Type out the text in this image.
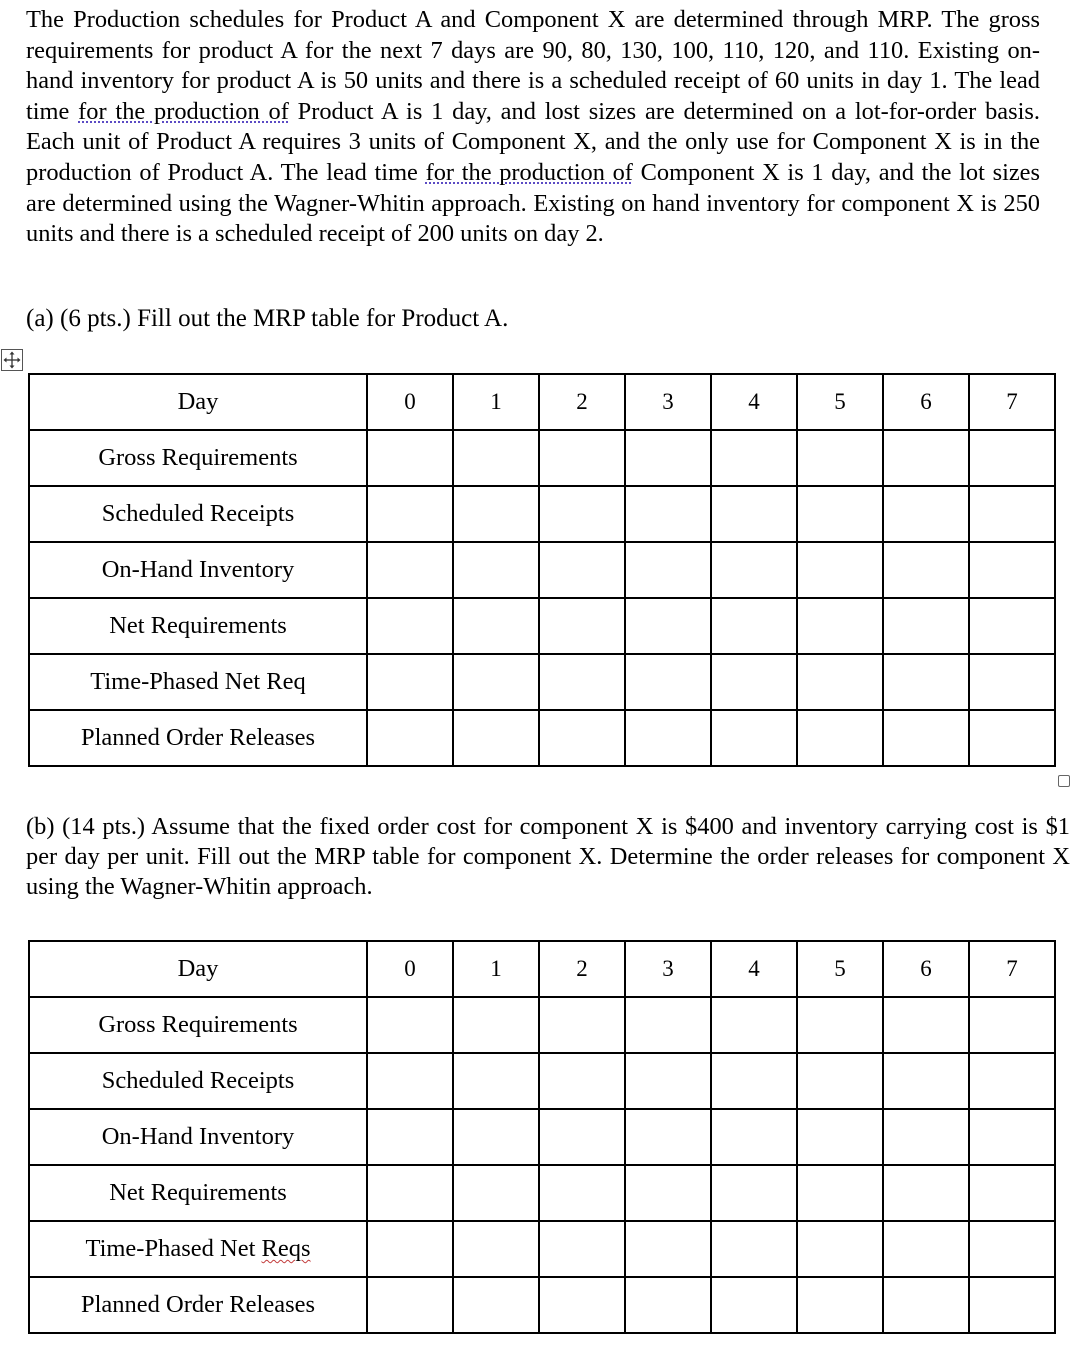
The Production schedules for Product A and Component X are determined through MRP. The gross requirements for product A for the next 7 days are 90, 80, 130, 100, 110, 120, and 110. Existing on-hand inventory for product A is 50 units and there is a scheduled receipt of 60 units in day 1. The lead time for the production of Product A is 1 day, and lost sizes are determined on a lot-for-order basis. Each unit of Product A requires 3 units of Component X, and the only use for Component X is in the production of Product A. The lead time for the production of Component X is 1 day, and the lot sizes are determined using the Wagner-Whitin approach. Existing on hand inventory for component X is 250 units and there is a scheduled receipt of 200 units on day 2.

(a) (6 pts.) Fill out the MRP table for Product A.

Day	0	1	2	3	4	5	6	7
Gross Requirements								
Scheduled Receipts								
On-Hand Inventory								
Net Requirements								
Time-Phased Net Req								
Planned Order Releases								

(b) (14 pts.) Assume that the fixed order cost for component X is $400 and inventory carrying cost is $1 per day per unit. Fill out the MRP table for component X. Determine the order releases for component X using the Wagner-Whitin approach.

Day	0	1	2	3	4	5	6	7
Gross Requirements								
Scheduled Receipts								
On-Hand Inventory								
Net Requirements								
Time-Phased Net Reqs								
Planned Order Releases								
